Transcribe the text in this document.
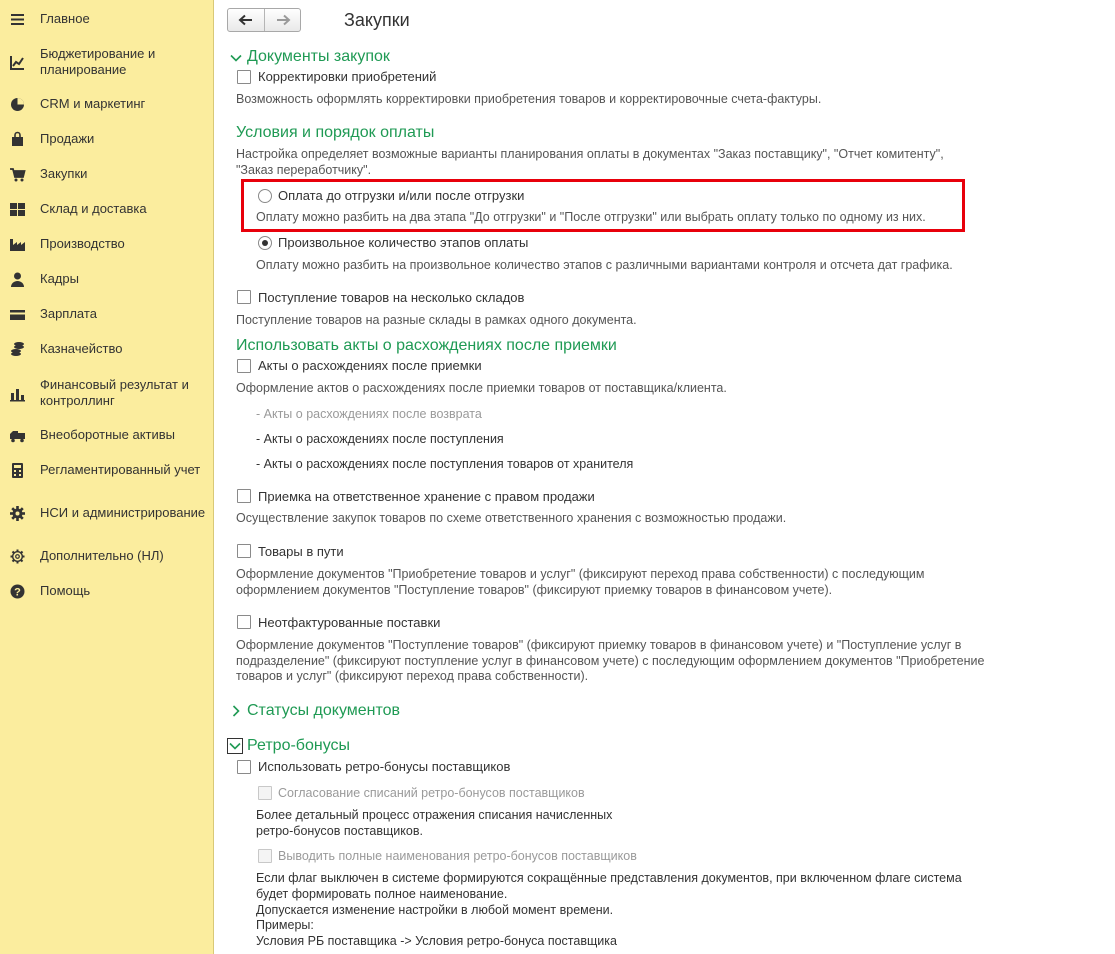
Главное
Бюджетирование и планирование
CRM и маркетинг
Продажи
Закупки
Склад и доставка
Производство
Кадры
Зарплата
Казначейство
Финансовый результат и контроллинг
Внеоборотные активы
Регламентированный учет
НСИ и администрирование
Дополнительно (НЛ)
? Помощь
Закупки
Документы закупок
Корректировки приобретений
Возможность оформлять корректировки приобретения товаров и корректировочные счета-фактуры.
Условия и порядок оплаты
Настройка определяет возможные варианты планирования оплаты в документах "Заказ поставщику", "Отчет комитенту", "Заказ переработчику".
Оплата до отгрузки и/или после отгрузки
Оплату можно разбить на два этапа "До отгрузки" и "После отгрузки" или выбрать оплату только по одному из них.
Произвольное количество этапов оплаты
Оплату можно разбить на произвольное количество этапов с различными вариантами контроля и отсчета дат графика.
Поступление товаров на несколько складов
Поступление товаров на разные склады в рамках одного документа.
Использовать акты о расхождениях после приемки
Акты о расхождениях после приемки
Оформление актов о расхождениях после приемки товаров от поставщика/клиента.
- Акты о расхождениях после возврата
- Акты о расхождениях после поступления
- Акты о расхождениях после поступления товаров от хранителя
Приемка на ответственное хранение с правом продажи
Осуществление закупок товаров по схеме ответственного хранения с возможностью продажи.
Товары в пути
Оформление документов "Приобретение товаров и услуг" (фиксируют переход права собственности) с последующим оформлением документов "Поступление товаров" (фиксируют приемку товаров в финансовом учете).
Неотфактурованные поставки
Оформление документов "Поступление товаров" (фиксируют приемку товаров в финансовом учете) и "Поступление услуг в подразделение" (фиксируют поступление услуг в финансовом учете) с последующим оформлением документов "Приобретение товаров и услуг" (фиксируют переход права собственности).
Статусы документов
Ретро-бонусы
Использовать ретро-бонусы поставщиков
Согласование списаний ретро-бонусов поставщиков
Более детальный процесс отражения списания начисленных ретро-бонусов поставщиков.
Выводить полные наименования ретро-бонусов поставщиков
Если флаг выключен в системе формируются сокращённые представления документов, при включенном флаге система будет формировать полное наименование.
Допускается изменение настройки в любой момент времени.
Примеры:
Условия РБ поставщика -> Условия ретро-бонуса поставщика
